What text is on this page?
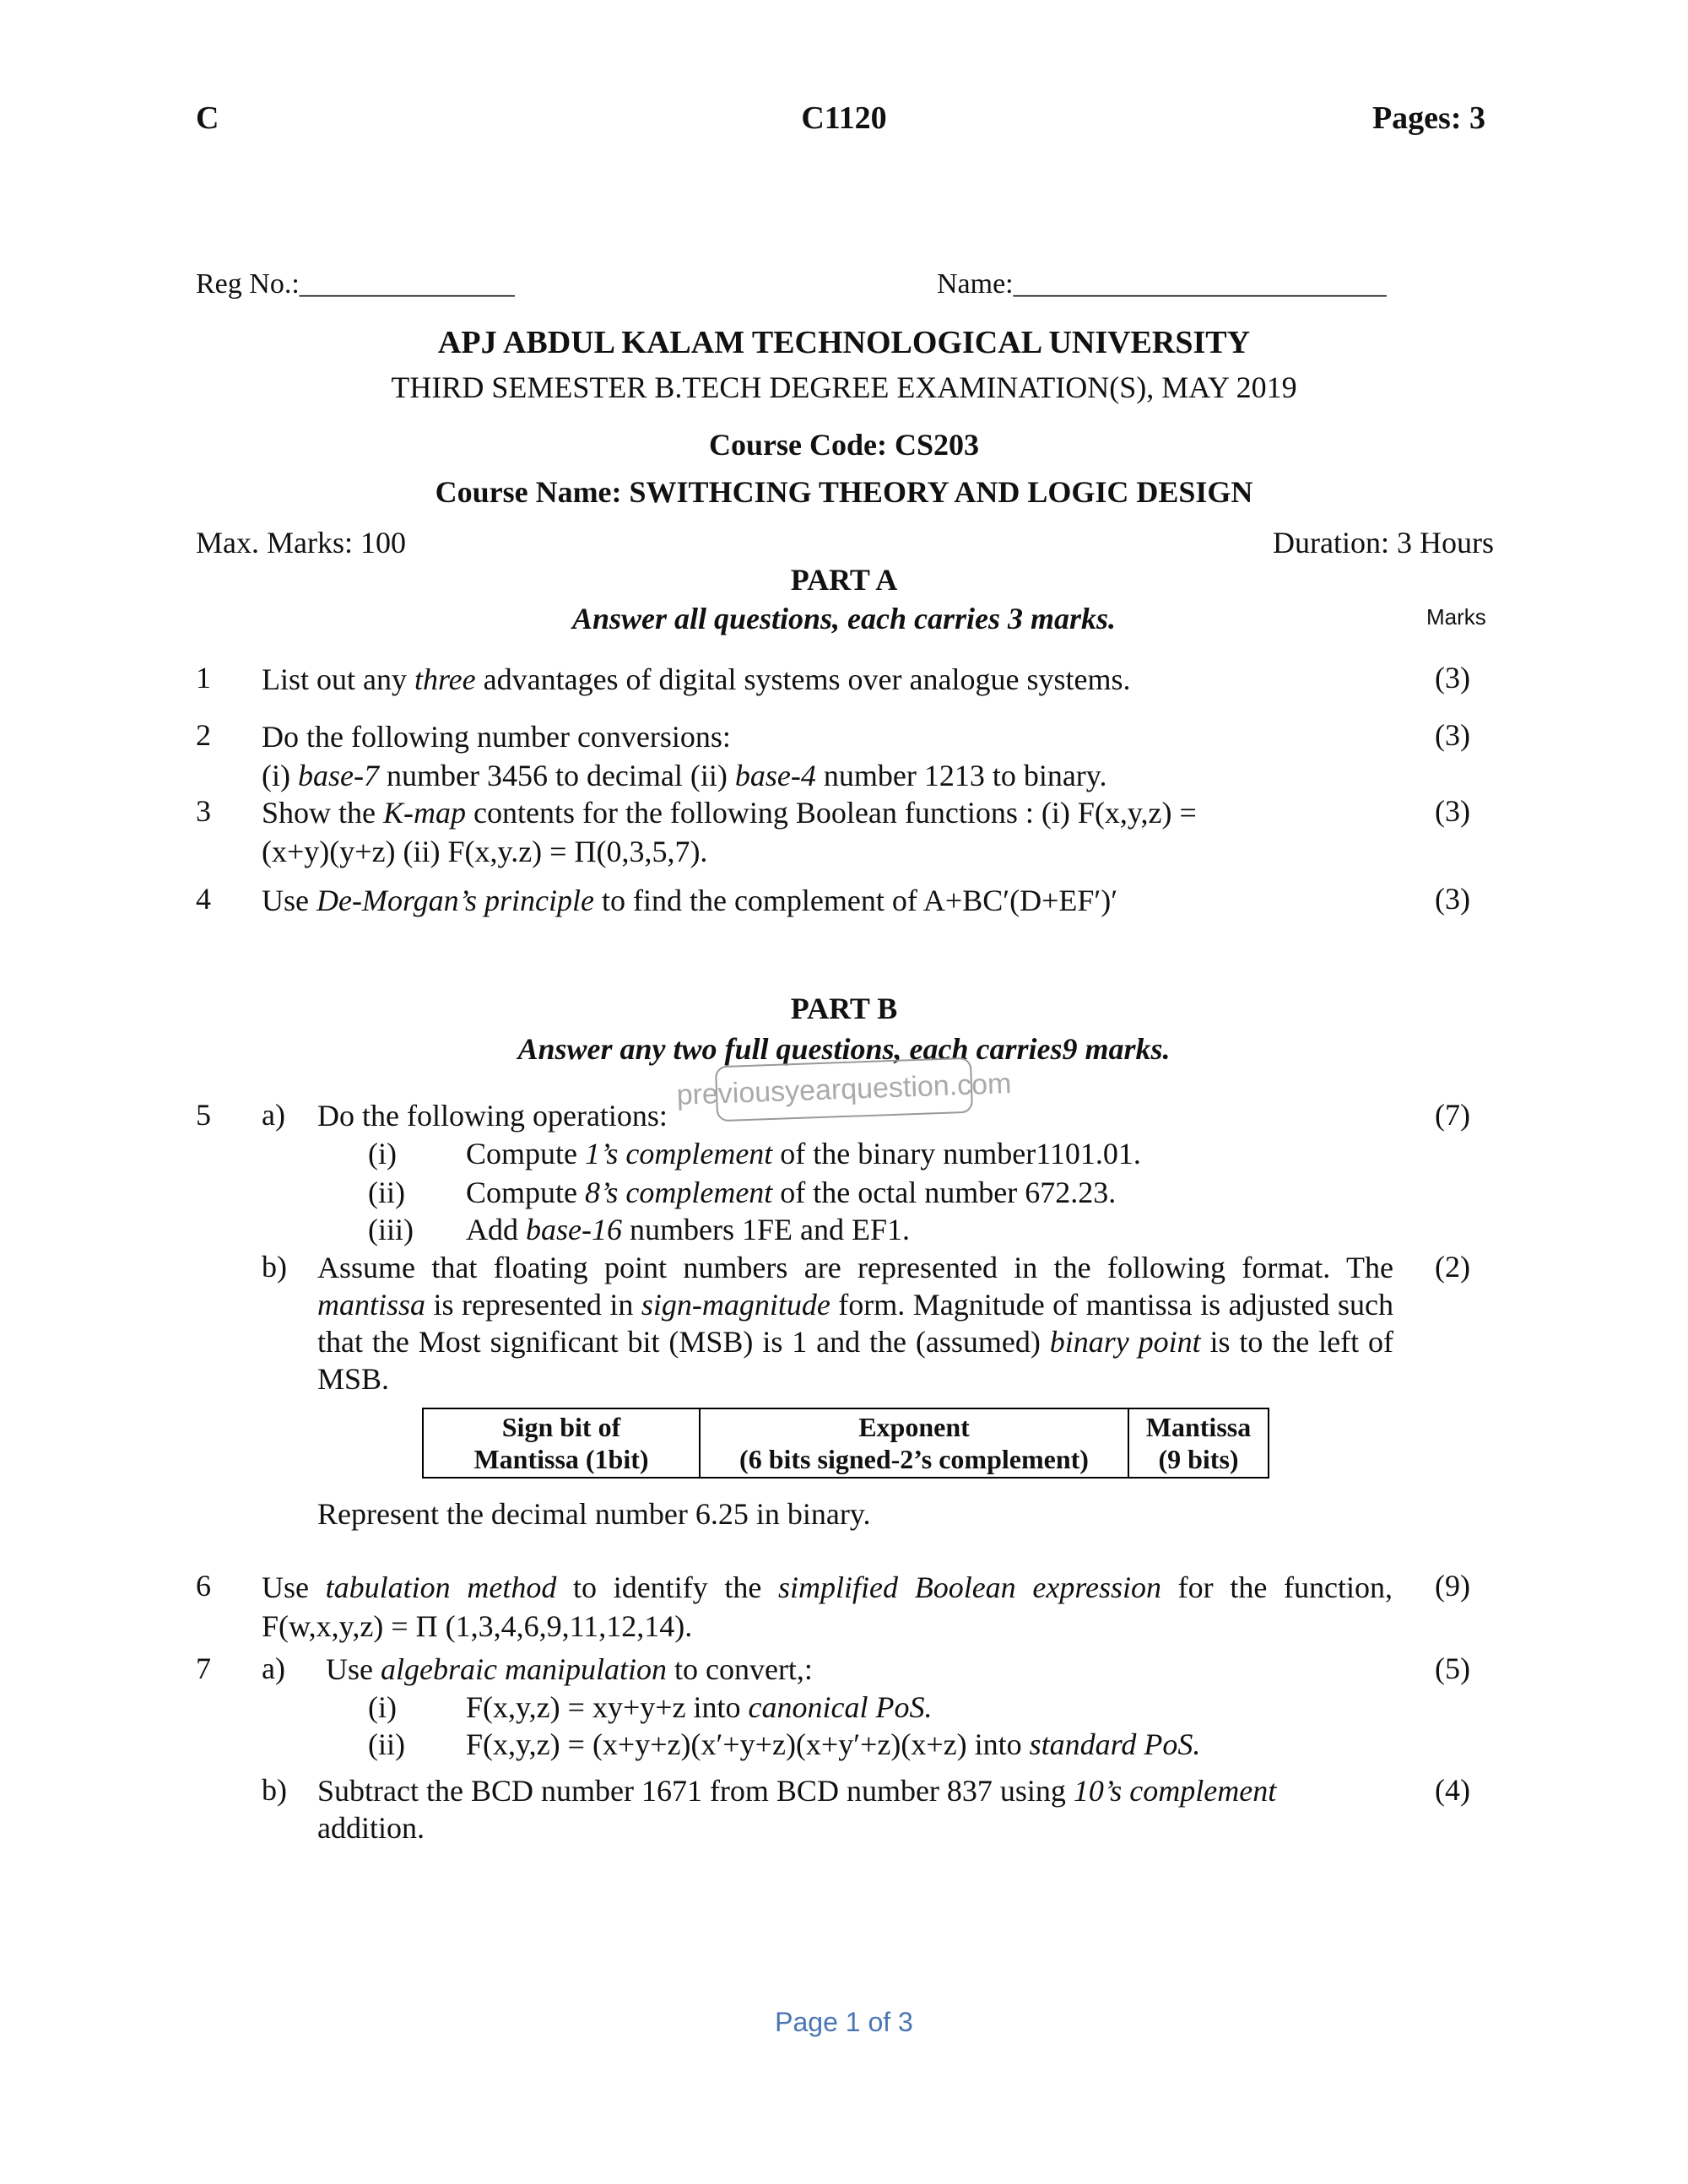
C	C1120	Pages: 3
Reg No.:_______________	Name:__________________________
APJ ABDUL KALAM TECHNOLOGICAL UNIVERSITY
THIRD SEMESTER B.TECH DEGREE EXAMINATION(S), MAY 2019
Course Code: CS203
Course Name: SWITHCING THEORY AND LOGIC DESIGN
Max. Marks: 100	Duration: 3 Hours
PART A
Answer all questions, each carries 3 marks.	Marks
1 List out any three advantages of digital systems over analogue systems.	(3)
2 Do the following number conversions:
(i) base-7 number 3456 to decimal (ii) base-4 number 1213 to binary.
(3)
3 Show the K-map contents for the following Boolean functions : (i) F(x,y,z) =
(x+y)(y+z) (ii) F(x,y.z) = Π(0,3,5,7).
(3)
4 Use De-Morgan’s principle to find the complement of A+BC′(D+EF′)′	(3)
PART B
Answer any two full questions, each carries9 marks.
previousyearquestion.com
5 a) Do the following operations:	(7)
(i) Compute 1’s complement of the binary number1101.01.
(ii) Compute 8’s complement of the octal number 672.23.
(iii) Add base-16 numbers 1FE and EF1.
b) Assume that floating point numbers are represented in the following format. The mantissa is represented in sign-magnitude form. Magnitude of mantissa is adjusted such that the Most significant bit (MSB) is 1 and the (assumed) binary point is to the left of MSB.
(2)
Sign bit of
Mantissa (1bit)

Exponent
(6 bits signed-2’s complement)

Mantissa
(9 bits)
Represent the decimal number 6.25 in binary.
6 Use tabulation method to identify the simplified Boolean expression for the function, F(w,x,y,z) = Π (1,3,4,6,9,11,12,14).
(9)
7 a) Use algebraic manipulation to convert,:	(5)
(i) F(x,y,z) = xy+y+z into canonical PoS.
(ii) F(x,y,z) = (x+y+z)(x′+y+z)(x+y′+z)(x+z) into standard PoS.
b) Subtract the BCD number 1671 from BCD number 837 using 10’s complement addition.
(4)
Page 1 of 3
